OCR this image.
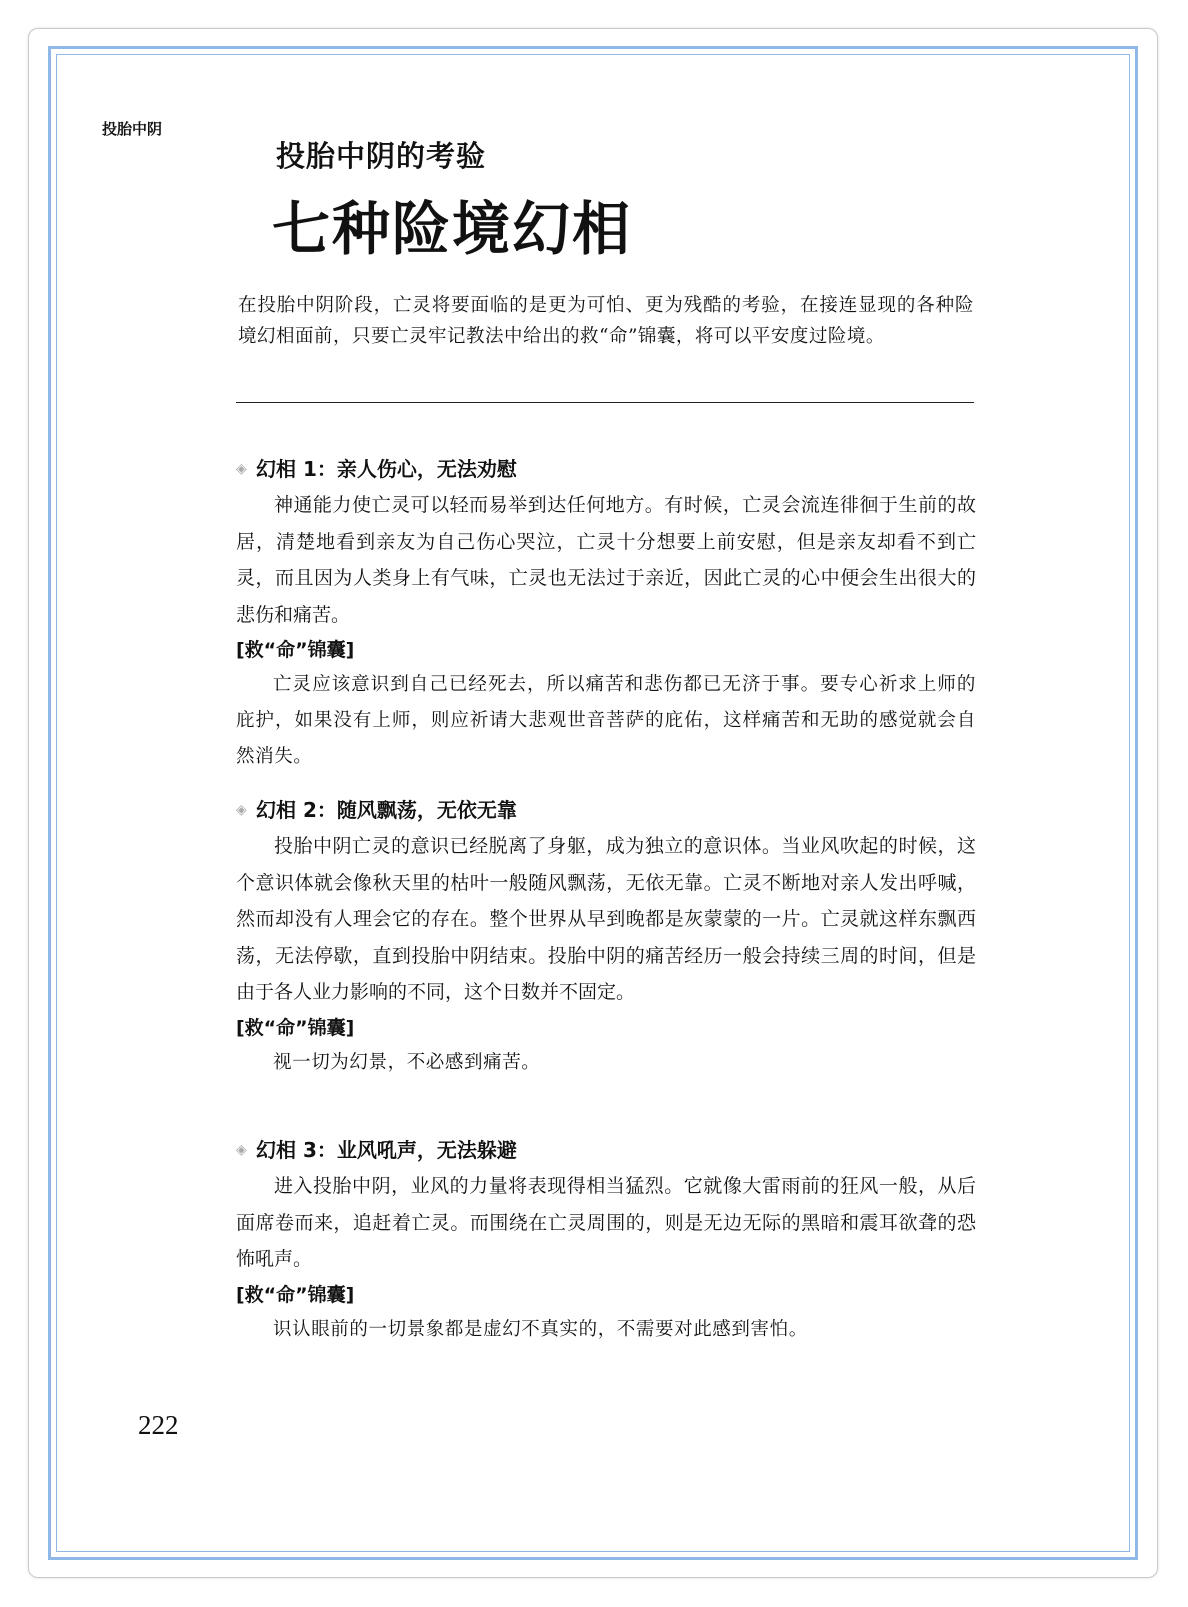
投胎中阴
投胎中阴的考验
七种险境幻相

在投胎中阴阶段，亡灵将要面临的是更为可怕、更为残酷的考验，在接连显现的各种险境幻相面前，只要亡灵牢记教法中给出的救“命”锦囊，将可以平安度过险境。

◈ 幻相 1：亲人伤心，无法劝慰

神通能力使亡灵可以轻而易举到达任何地方。有时候，亡灵会流连徘徊于生前的故居，清楚地看到亲友为自己伤心哭泣，亡灵十分想要上前安慰，但是亲友却看不到亡灵，而且因为人类身上有气味，亡灵也无法过于亲近，因此亡灵的心中便会生出很大的悲伤和痛苦。

[救“命”锦囊]

亡灵应该意识到自己已经死去，所以痛苦和悲伤都已无济于事。要专心祈求上师的庇护，如果没有上师，则应祈请大悲观世音菩萨的庇佑，这样痛苦和无助的感觉就会自然消失。

◈ 幻相 2：随风飘荡，无依无靠

投胎中阴亡灵的意识已经脱离了身躯，成为独立的意识体。当业风吹起的时候，这个意识体就会像秋天里的枯叶一般随风飘荡，无依无靠。亡灵不断地对亲人发出呼喊，然而却没有人理会它的存在。整个世界从早到晚都是灰蒙蒙的一片。亡灵就这样东飘西荡，无法停歇，直到投胎中阴结束。投胎中阴的痛苦经历一般会持续三周的时间，但是由于各人业力影响的不同，这个日数并不固定。

[救“命”锦囊]

视一切为幻景，不必感到痛苦。

◈ 幻相 3：业风吼声，无法躲避

进入投胎中阴，业风的力量将表现得相当猛烈。它就像大雷雨前的狂风一般，从后面席卷而来，追赶着亡灵。而围绕在亡灵周围的，则是无边无际的黑暗和震耳欲聋的恐怖吼声。

[救“命”锦囊]

识认眼前的一切景象都是虚幻不真实的，不需要对此感到害怕。

222
